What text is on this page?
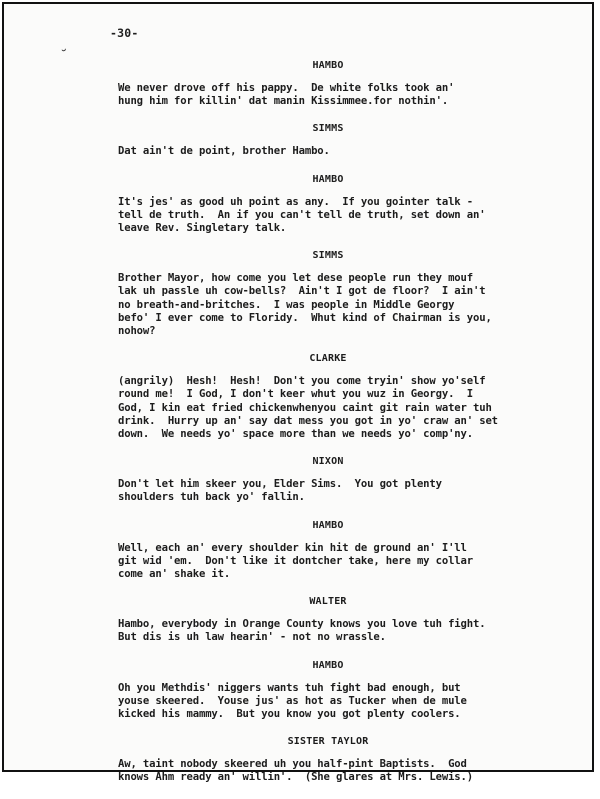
˘
-30-
HAMBO
We never drove off his pappy.  De white folks took an'
hung him for killin' dat manin Kissimmee.for nothin'.
SIMMS
Dat ain't de point, brother Hambo.
HAMBO
It's jes' as good uh point as any.  If you gointer talk -
tell de truth.  An if you can't tell de truth, set down an'
leave Rev. Singletary talk.
SIMMS
Brother Mayor, how come you let dese people run they mouf
lak uh passle uh cow-bells?  Ain't I got de floor?  I ain't
no breath-and-britches.  I was people in Middle Georgy
befo' I ever come to Floridy.  Whut kind of Chairman is you,
nohow?
CLARKE
(angrily)  Hesh!  Hesh!  Don't you come tryin' show yo'self
round me!  I God, I don't keer whut you wuz in Georgy.  I
God, I kin eat fried chickenwhenyou caint git rain water tuh
drink.  Hurry up an' say dat mess you got in yo' craw an' set
down.  We needs yo' space more than we needs yo' comp'ny.
NIXON
Don't let him skeer you, Elder Sims.  You got plenty
shoulders tuh back yo' fallin.
HAMBO
Well, each an' every shoulder kin hit de ground an' I'll
git wid 'em.  Don't like it dontcher take, here my collar
come an' shake it.
WALTER
Hambo, everybody in Orange County knows you love tuh fight.
But dis is uh law hearin' - not no wrassle.
HAMBO
Oh you Methdis' niggers wants tuh fight bad enough, but
youse skeered.  Youse jus' as hot as Tucker when de mule
kicked his mammy.  But you know you got plenty coolers.
SISTER TAYLOR
Aw, taint nobody skeered uh you half-pint Baptists.  God
knows Ahm ready an' willin'.  (She glares at Mrs. Lewis.)
